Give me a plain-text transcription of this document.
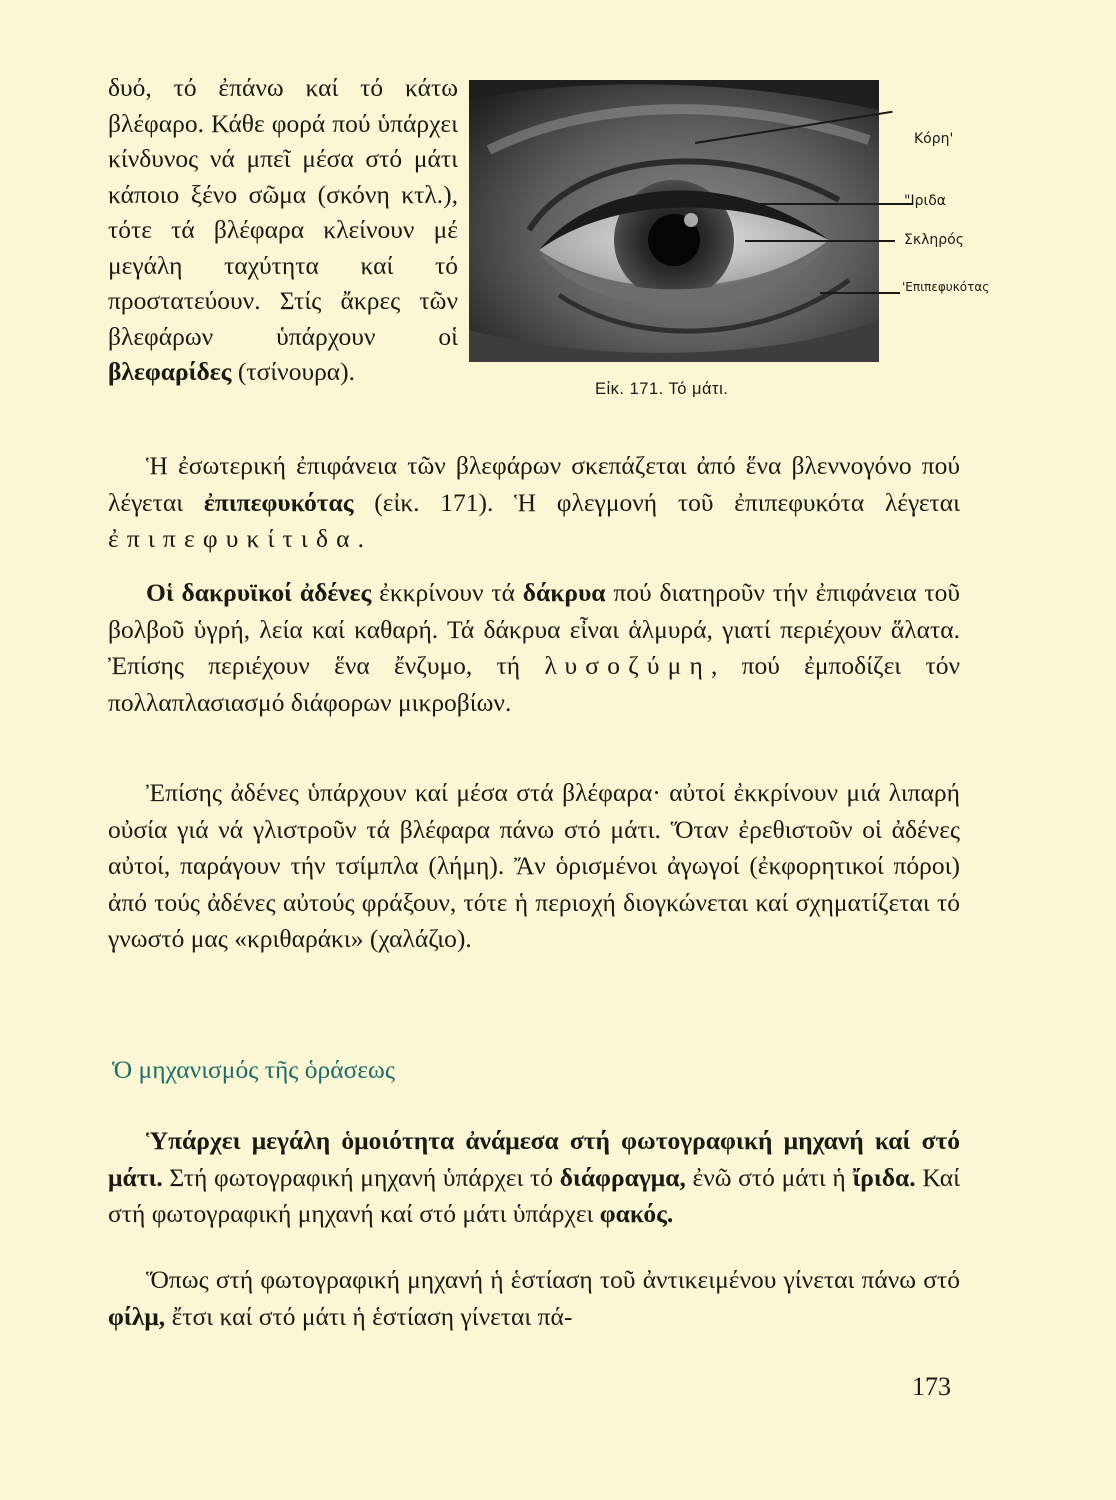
δυό, τό ἐπάνω καί τό κάτω βλέφαρο. Κάθε φορά πού ὑπάρχει κίνδυνος νά μπεῖ μέσα στό μάτι κάποιο ξένο σῶμα (σκόνη κτλ.), τότε τά βλέφαρα κλείνουν μέ μεγάλη ταχύτητα καί τό προστατεύουν. Στίς ἄκρες τῶν βλεφάρων ὑπάρχουν οἱ βλεφαρίδες (τσίνουρα).

Κόρη'
"Ιριδα
Σκληρός
'Επιπεφυκότας
Εἰκ. 171. Τό μάτι.

Ἡ ἐσωτερική ἐπιφάνεια τῶν βλεφάρων σκεπάζεται ἀπό ἕνα βλεννογόνο πού λέγεται ἐπιπεφυκότας (εἰκ. 171). Ἡ φλεγμονή τοῦ ἐπιπεφυκότα λέγεται ἐπιπεφυκίτιδα.

Οἱ δακρυϊκοί ἀδένες ἐκκρίνουν τά δάκρυα πού διατηροῦν τήν ἐπιφάνεια τοῦ βολβοῦ ὑγρή, λεία καί καθαρή. Τά δάκρυα εἶναι ἁλμυρά, γιατί περιέχουν ἅλατα. Ἐπίσης περιέχουν ἕνα ἔνζυμο, τή λυσοζύμη, πού ἐμποδίζει τόν πολλαπλασιασμό διάφορων μικροβίων.

Ἐπίσης ἀδένες ὑπάρχουν καί μέσα στά βλέφαρα· αὐτοί ἐκκρίνουν μιά λιπαρή οὐσία γιά νά γλιστροῦν τά βλέφαρα πάνω στό μάτι. Ὅταν ἐρεθιστοῦν οἱ ἀδένες αὐτοί, παράγουν τήν τσίμπλα (λήμη). Ἄν ὁρισμένοι ἀγωγοί (ἐκφορητικοί πόροι) ἀπό τούς ἀδένες αὐτούς φράξουν, τότε ἡ περιοχή διογκώνεται καί σχηματίζεται τό γνωστό μας «κριθαράκι» (χαλάζιο).

Ὁ μηχανισμός τῆς ὁράσεως

Ὑπάρχει μεγάλη ὁμοιότητα ἀνάμεσα στή φωτογραφική μηχανή καί στό μάτι. Στή φωτογραφική μηχανή ὑπάρχει τό διάφραγμα, ἐνῶ στό μάτι ἡ ἴριδα. Καί στή φωτογραφική μηχανή καί στό μάτι ὑπάρχει φακός.

Ὅπως στή φωτογραφική μηχανή ἡ ἑστίαση τοῦ ἀντικειμένου γίνεται πάνω στό φίλμ, ἔτσι καί στό μάτι ἡ ἑστίαση γίνεται πά-

173
